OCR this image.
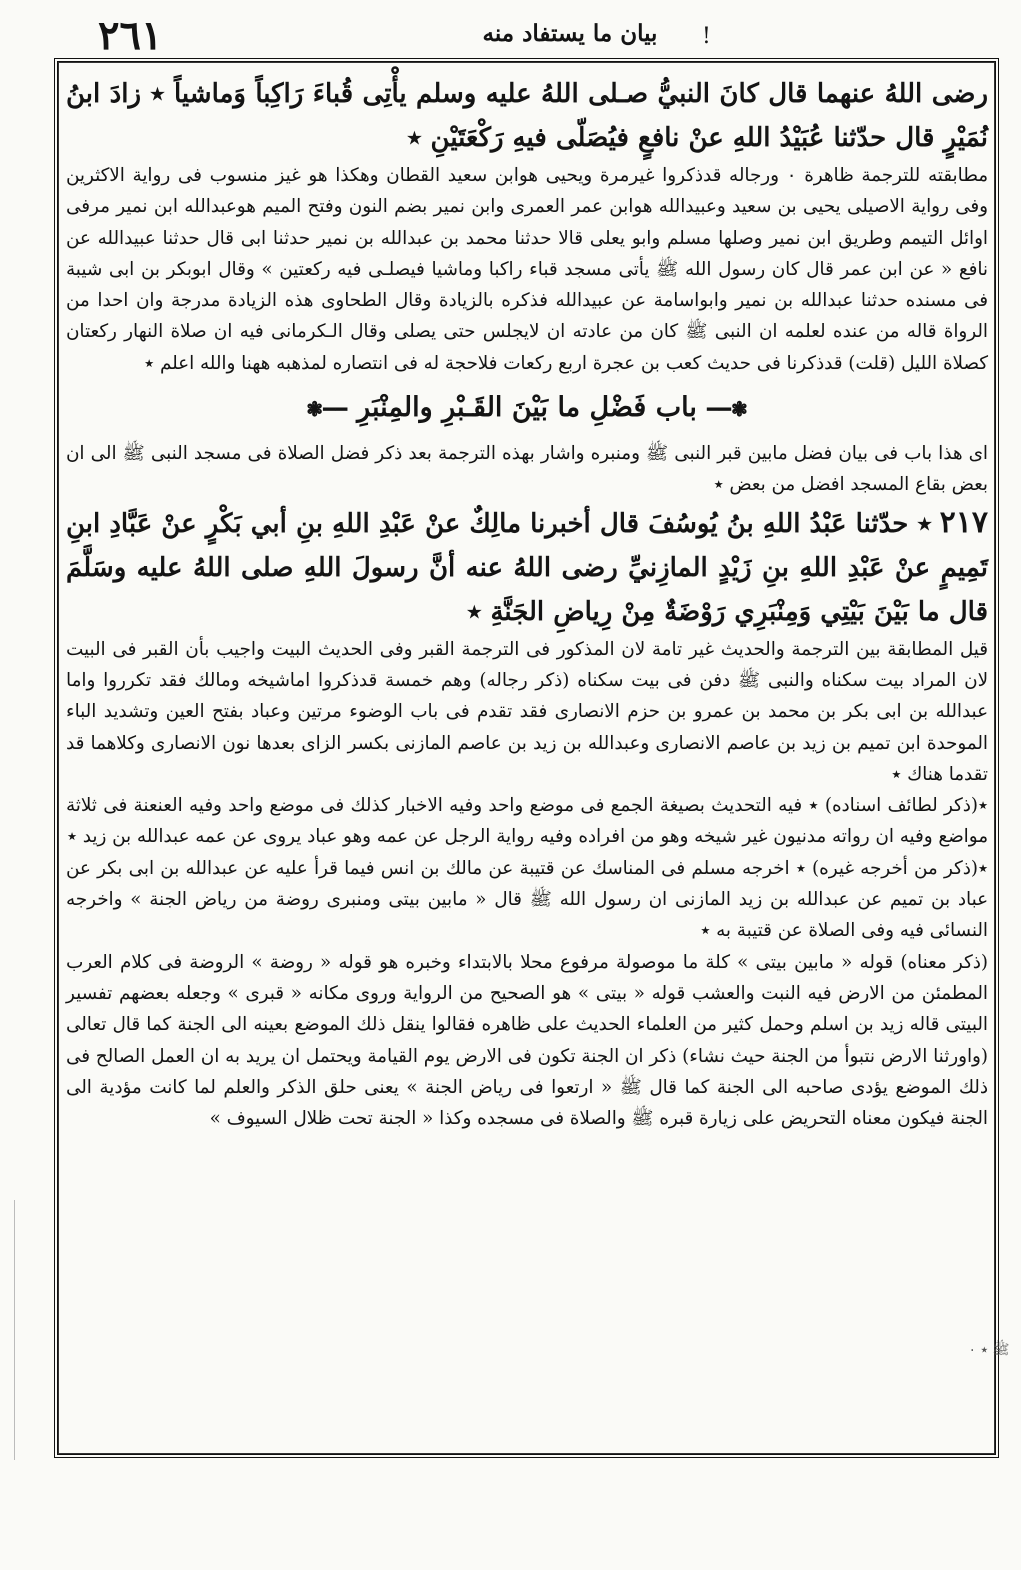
٢٦١	بيان ما يستفاد منه	!

رضى اللهُ عنهما قال كانَ النبيُّ صـلى اللهُ عليه وسلم يأْتِى قُباءَ رَاكِباً وَماشياً ٭ زادَ ابنُ نُمَيْرٍ قال حدّثنا عُبَيْدُ اللهِ عنْ نافعٍ فيُصَلّى فيهِ رَكْعَتَيْنِ ٭

مطابقته للترجمة ظاهرة ۰ ورجاله قدذكروا غيرمرة ويحيى هوابن سعيد القطان وهكذا هو غيز منسوب فى رواية الاكثرين وفى رواية الاصيلى يحيى بن سعيد وعبيدالله هوابن عمر العمرى وابن نمير بضم النون وفتح الميم هوعبدالله ابن نمير مرفى اوائل التيمم وطريق ابن نمير وصلها مسلم وابو يعلى قالا حدثنا محمد بن عبدالله بن نمير حدثنا ابى قال حدثنا عبيدالله عن نافع « عن ابن عمر قال كان رسول الله ﷺ يأتى مسجد قباء راكبا وماشيا فيصلـى فيه ركعتين » وقال ابوبكر بن ابى شيبة فى مسنده حدثنا عبدالله بن نمير وابواسامة عن عبيدالله فذكره بالزيادة وقال الطحاوى هذه الزيادة مدرجة وان احدا من الرواة قاله من عنده لعلمه ان النبى ﷺ كان من عادته ان لايجلس حتى يصلى وقال الـكرمانى فيه ان صلاة النهار ركعتان كصلاة الليل (قلت) قدذكرنا فى حديث كعب بن عجرة اربع ركعات فلاحجة له فى انتصاره لمذهبه ههنا والله اعلم ٭

❃━━باب فَضْلِ ما بَيْنَ القَـبْرِ والمِنْبَرِ━━❃

اى هذا باب فى بيان فضل مابين قبر النبى ﷺ ومنبره واشار بهذه الترجمة بعد ذكر فضل الصلاة فى مسجد النبى ﷺ الى ان بعض بقاع المسجد افضل من بعض ٭

۲۱۷٭ حدّثنا عَبْدُ اللهِ بنُ يُوسُفَ قال أخبرنا مالِكٌ عنْ عَبْدِ اللهِ بنِ أبي بَكْرٍ عنْ عَبَّادِ ابنِ تَمِيمٍ عنْ عَبْدِ اللهِ بنِ زَيْدٍ المازِنيِّ رضى اللهُ عنه أنَّ رسولَ اللهِ صلى اللهُ عليه وسَلَّمَ قال ما بَيْنَ بَيْتِي وَمِنْبَرِي رَوْضَةٌ مِنْ رِياضِ الجَنَّةِ ٭

قيل المطابقة بين الترجمة والحديث غير تامة لان المذكور فى الترجمة القبر وفى الحديث البيت واجيب بأن القبر فى البيت لان المراد بيت سكناه والنبى ﷺ دفن فى بيت سكناه (ذكر رجاله) وهم خمسة قدذكروا اماشيخه ومالك فقد تكرروا واما عبدالله بن ابى بكر بن محمد بن عمرو بن حزم الانصارى فقد تقدم فى باب الوضوء مرتين وعباد بفتح العين وتشديد الباء الموحدة ابن تميم بن زيد بن عاصم الانصارى وعبدالله بن زيد بن عاصم المازنى بكسر الزاى بعدها نون الانصارى وكلاهما قد تقدما هناك ٭

٭(ذكر لطائف اسناده) ٭ فيه التحديث بصيغة الجمع فى موضع واحد وفيه الاخبار كذلك فى موضع واحد وفيه العنعنة فى ثلاثة مواضع وفيه ان رواته مدنيون غير شيخه وهو من افراده وفيه رواية الرجل عن عمه وهو عباد يروى عن عمه عبدالله بن زيد ٭

٭(ذكر من أخرجه غيره) ٭ اخرجه مسلم فى المناسك عن قتيبة عن مالك بن انس فيما قرأ عليه عن عبدالله بن ابى بكر عن عباد بن تميم عن عبدالله بن زيد المازنى ان رسول الله ﷺ قال « مابين بيتى ومنبرى روضة من رياض الجنة » واخرجه النسائى فيه وفى الصلاة عن قتيبة به ٭

(ذكر معناه) قوله « مابين بيتى » كلة ما موصولة مرفوع محلا بالابتداء وخبره هو قوله « روضة » الروضة فى كلام العرب المطمئن من الارض فيه النبت والعشب قوله « بيتى » هو الصحيح من الرواية وروى مكانه « قبرى » وجعله بعضهم تفسير البيتى قاله زيد بن اسلم وحمل كثير من العلماء الحديث على ظاهره فقالوا ينقل ذلك الموضع بعينه الى الجنة كما قال تعالى (واورثنا الارض نتبوأ من الجنة حيث نشاء) ذكر ان الجنة تكون فى الارض يوم القيامة ويحتمل ان يريد به ان العمل الصالح فى ذلك الموضع يؤدى صاحبه الى الجنة كما قال ﷺ « ارتعوا فى رياض الجنة » يعنى حلق الذكر والعلم لما كانت مؤدية الى الجنة فيكون معناه التحريض على زيارة قبره ﷺ والصلاة فى مسجده وكذا « الجنة تحت ظلال السيوف »

ﷺ ٭ ۰
